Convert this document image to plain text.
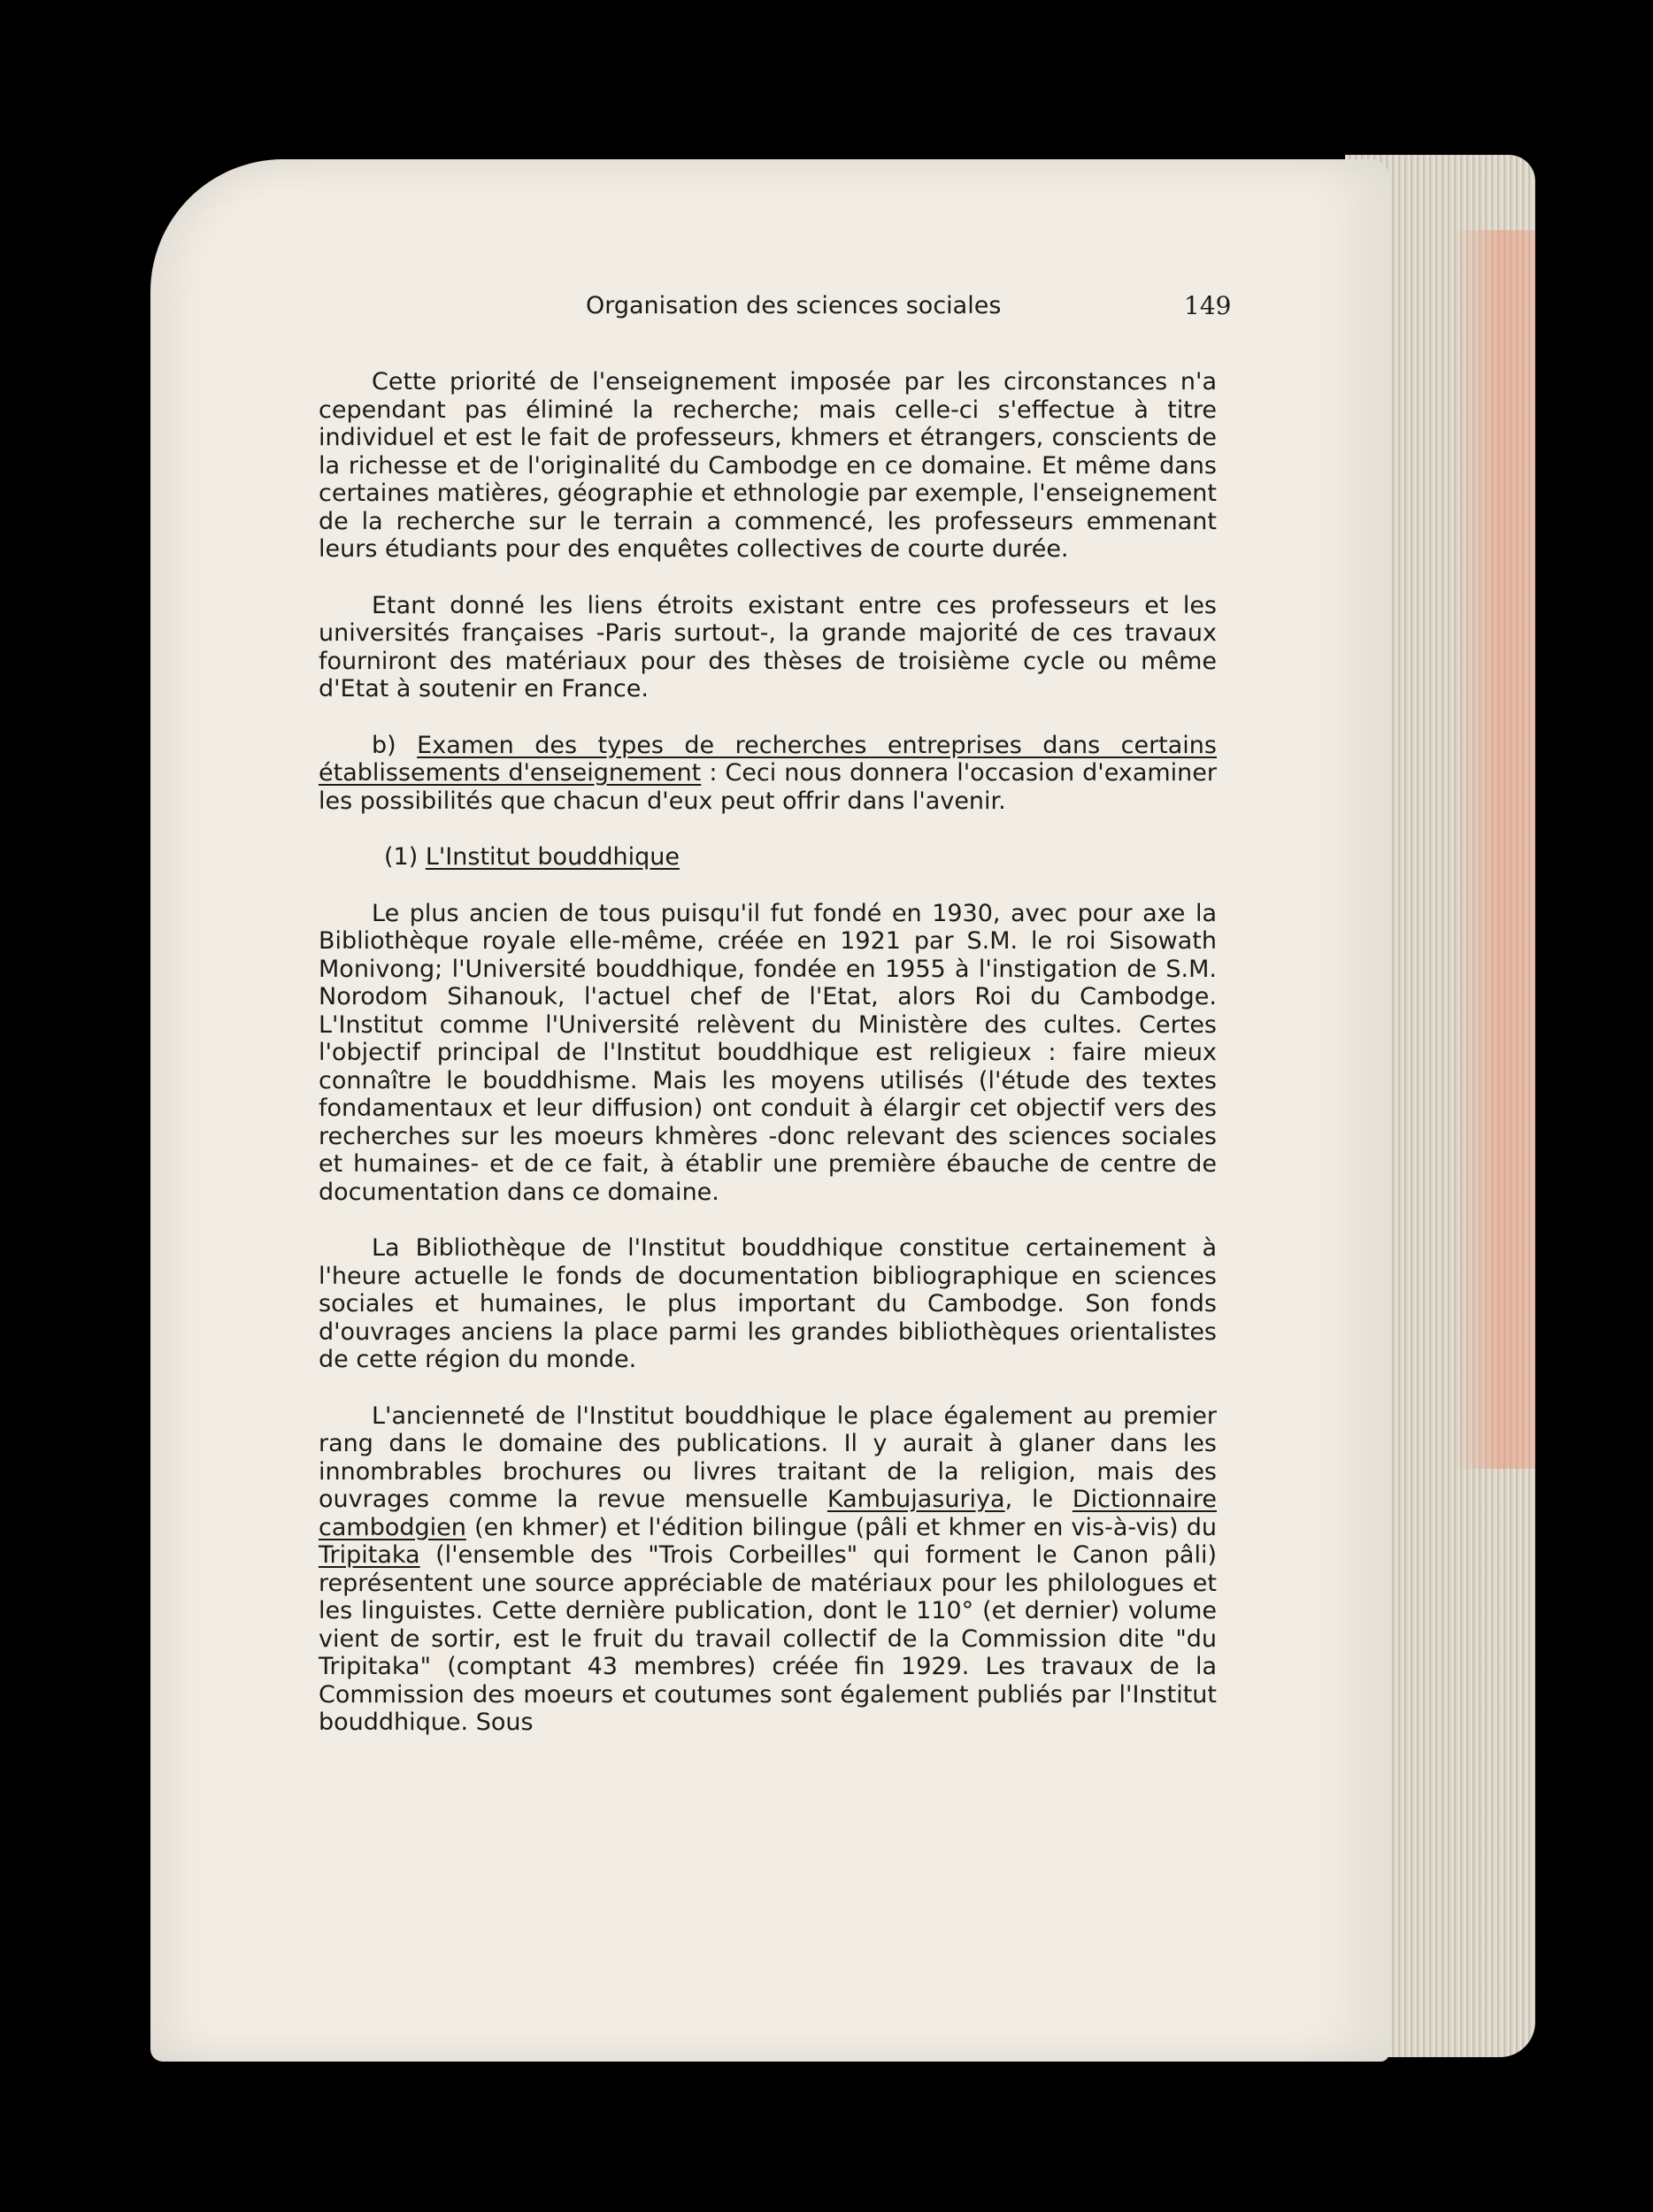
Organisation des sciences sociales	149

Cette priorité de l'enseignement imposée par les circonstances n'a cependant pas éliminé la recherche; mais celle-ci s'effectue à titre individuel et est le fait de professeurs, khmers et étrangers, conscients de la richesse et de l'originalité du Cambodge en ce domaine. Et même dans certaines matières, géographie et ethnologie par exemple, l'enseignement de la recherche sur le terrain a commencé, les professeurs emmenant leurs étudiants pour des enquêtes collectives de courte durée.

Etant donné les liens étroits existant entre ces professeurs et les universités françaises -Paris surtout-, la grande majorité de ces travaux fourniront des matériaux pour des thèses de troisième cycle ou même d'Etat à soutenir en France.

b) Examen des types de recherches entreprises dans certains établissements d'enseignement : Ceci nous donnera l'occasion d'examiner les possibilités que chacun d'eux peut offrir dans l'avenir.

(1) L'Institut bouddhique

Le plus ancien de tous puisqu'il fut fondé en 1930, avec pour axe la Bibliothèque royale elle-même, créée en 1921 par S.M. le roi Sisowath Monivong; l'Université bouddhique, fondée en 1955 à l'instigation de S.M. Norodom Sihanouk, l'actuel chef de l'Etat, alors Roi du Cambodge. L'Institut comme l'Université relèvent du Ministère des cultes. Certes l'objectif principal de l'Institut bouddhique est religieux : faire mieux connaître le bouddhisme. Mais les moyens utilisés (l'étude des textes fondamentaux et leur diffusion) ont conduit à élargir cet objectif vers des recherches sur les moeurs khmères -donc relevant des sciences sociales et humaines- et de ce fait, à établir une première ébauche de centre de documentation dans ce domaine.

La Bibliothèque de l'Institut bouddhique constitue certainement à l'heure actuelle le fonds de documentation bibliographique en sciences sociales et humaines, le plus important du Cambodge. Son fonds d'ouvrages anciens la place parmi les grandes bibliothèques orientalistes de cette région du monde.

L'ancienneté de l'Institut bouddhique le place également au premier rang dans le domaine des publications. Il y aurait à glaner dans les innombrables brochures ou livres traitant de la religion, mais des ouvrages comme la revue mensuelle Kambujasuriya, le Dictionnaire cambodgien (en khmer) et l'édition bilingue (pâli et khmer en vis-à-vis) du Tripitaka (l'ensemble des "Trois Corbeilles" qui forment le Canon pâli) représentent une source appréciable de matériaux pour les philologues et les linguistes. Cette dernière publication, dont le 110° (et dernier) volume vient de sortir, est le fruit du travail collectif de la Commission dite "du Tripitaka" (comptant 43 membres) créée fin 1929. Les travaux de la Commission des moeurs et coutumes sont également publiés par l'Institut bouddhique. Sous
